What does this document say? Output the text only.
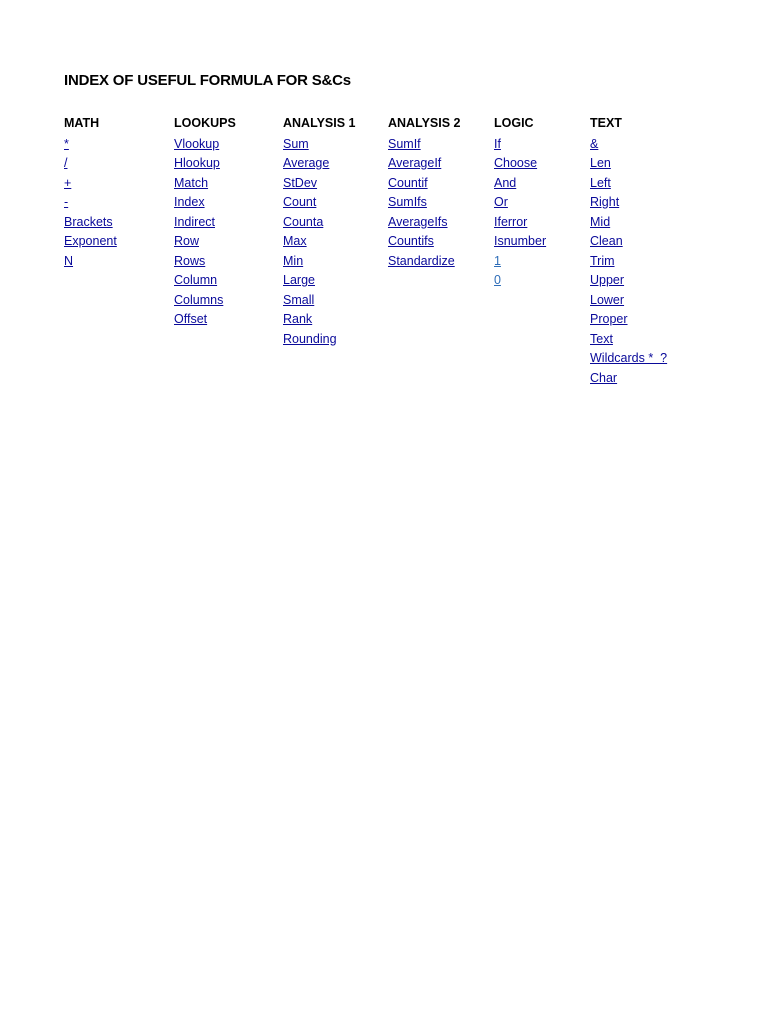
INDEX OF USEFUL FORMULA FOR S&Cs
MATH
*
/
+
-
Brackets
Exponent
N
LOOKUPS
Vlookup
Hlookup
Match
Index
Indirect
Row
Rows
Column
Columns
Offset
ANALYSIS 1
Sum
Average
StDev
Count
Counta
Max
Min
Large
Small
Rank
Rounding
ANALYSIS 2
SumIf
AverageIf
Countif
SumIfs
AverageIfs
Countifs
Standardize
LOGIC
If
Choose
And
Or
Iferror
Isnumber
1
0
TEXT
&
Len
Left
Right
Mid
Clean
Trim
Upper
Lower
Proper
Text
Wildcards *  ?
Char
